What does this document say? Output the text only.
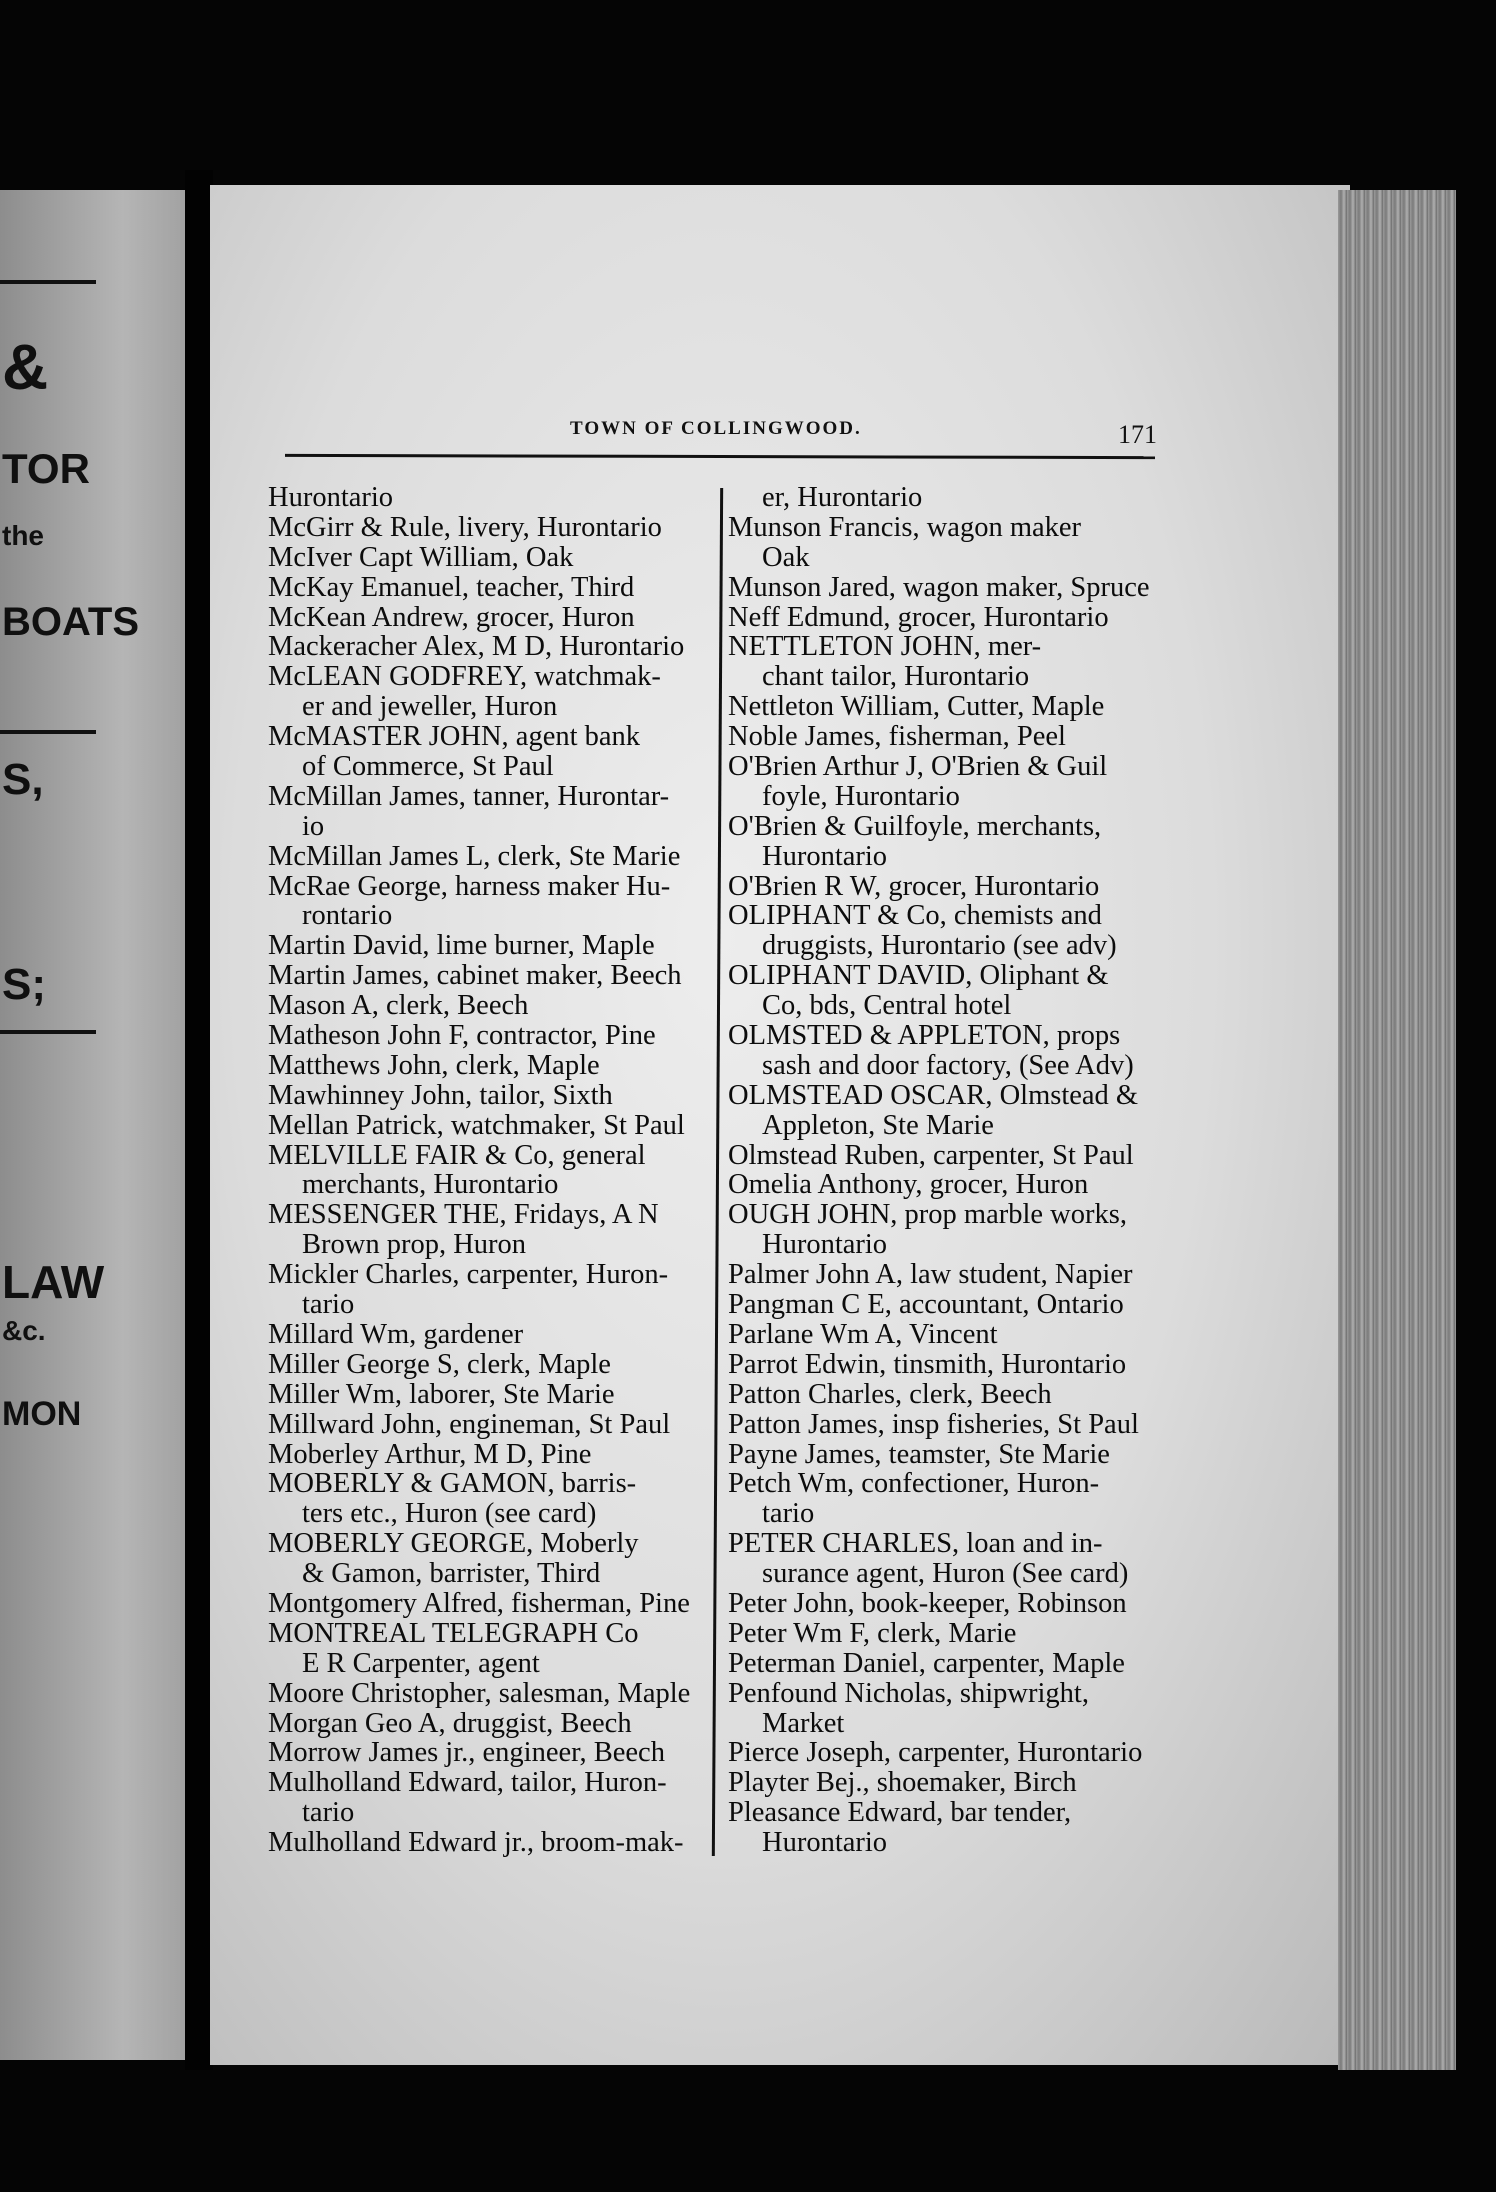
&
TOR
the
BOATS
S,
S;
LAW
&c.
MON
TOWN OF COLLINGWOOD.	171
Hurontario
McGirr & Rule, livery, Hurontario
McIver Capt William, Oak
McKay Emanuel, teacher, Third
McKean Andrew, grocer, Huron
Mackeracher Alex, M D, Hurontario
McLEAN GODFREY, watchmak-
er and jeweller, Huron
McMASTER JOHN, agent bank
of Commerce, St Paul
McMillan James, tanner, Hurontar-
io
McMillan James L, clerk, Ste Marie
McRae George, harness maker Hu-
rontario
Martin David, lime burner, Maple
Martin James, cabinet maker, Beech
Mason A, clerk, Beech
Matheson John F, contractor, Pine
Matthews John, clerk, Maple
Mawhinney John, tailor, Sixth
Mellan Patrick, watchmaker, St Paul
MELVILLE FAIR & Co, general
merchants, Hurontario
MESSENGER THE, Fridays, A N
Brown prop, Huron
Mickler Charles, carpenter, Huron-
tario
Millard Wm, gardener
Miller George S, clerk, Maple
Miller Wm, laborer, Ste Marie
Millward John, engineman, St Paul
Moberley Arthur, M D, Pine
MOBERLY & GAMON, barris-
ters etc., Huron (see card)
MOBERLY GEORGE, Moberly
& Gamon, barrister, Third
Montgomery Alfred, fisherman, Pine
MONTREAL TELEGRAPH Co
E R Carpenter, agent
Moore Christopher, salesman, Maple
Morgan Geo A, druggist, Beech
Morrow James jr., engineer, Beech
Mulholland Edward, tailor, Huron-
tario
Mulholland Edward jr., broom-mak-
er, Hurontario
Munson Francis, wagon maker
Oak
Munson Jared, wagon maker, Spruce
Neff Edmund, grocer, Hurontario
NETTLETON JOHN, mer-
chant tailor, Hurontario
Nettleton William, Cutter, Maple
Noble James, fisherman, Peel
O'Brien Arthur J, O'Brien & Guil
foyle, Hurontario
O'Brien & Guilfoyle, merchants,
Hurontario
O'Brien R W, grocer, Hurontario
OLIPHANT & Co, chemists and
druggists, Hurontario (see adv)
OLIPHANT DAVID, Oliphant &
Co, bds, Central hotel
OLMSTED & APPLETON, props
sash and door factory, (See Adv)
OLMSTEAD OSCAR, Olmstead &
Appleton, Ste Marie
Olmstead Ruben, carpenter, St Paul
Omelia Anthony, grocer, Huron
OUGH JOHN, prop marble works,
Hurontario
Palmer John A, law student, Napier
Pangman C E, accountant, Ontario
Parlane Wm A, Vincent
Parrot Edwin, tinsmith, Hurontario
Patton Charles, clerk, Beech
Patton James, insp fisheries, St Paul
Payne James, teamster, Ste Marie
Petch Wm, confectioner, Huron-
tario
PETER CHARLES, loan and in-
surance agent, Huron (See card)
Peter John, book-keeper, Robinson
Peter Wm F, clerk, Marie
Peterman Daniel, carpenter, Maple
Penfound Nicholas, shipwright,
Market
Pierce Joseph, carpenter, Hurontario
Playter Bej., shoemaker, Birch
Pleasance Edward, bar tender,
Hurontario
